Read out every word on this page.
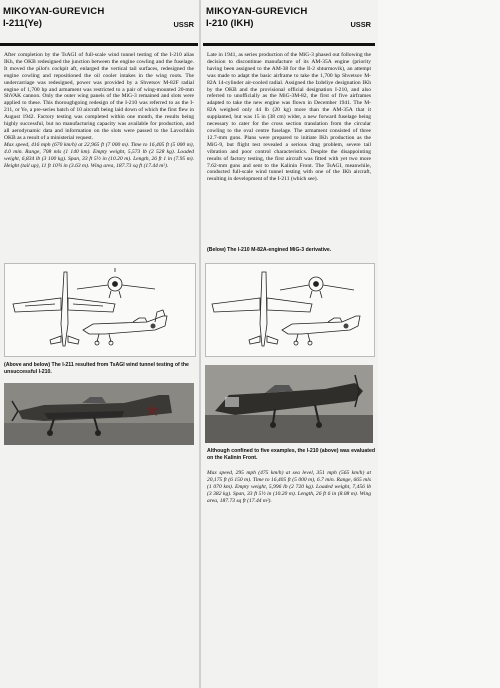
MIKOYAN-GUREVICH
I-211(Ye)	USSR

After completion by the TsAGI of full-scale wind tunnel testing of the I-210 alias IKh, the OKB redesigned the junction between the engine cowling and the fuselage. It moved the pilot's cockpit aft, enlarged the vertical tail surfaces, redesigned the engine cowling and repositioned the oil cooler intakes in the wing roots. The undercarriage was redesigned, power was provided by a Shvetsov M-82F radial engine of 1,700 hp and armament was restricted to a pair of wing-mounted 20-mm ShVAK cannon. Only the outer wing panels of the MiG-3 remained and slots were applied to these. This thoroughgoing redesign of the I-210 was referred to as the I-211, or Ye, a pre-series batch of 10 aircraft being laid down of which the first flew in August 1942. Factory testing was completed within one month, the results being highly successful, but no manufacturing capacity was available for production, and all aerodynamic data and information on the slots were passed to the Lavochkin OKB as a result of a ministerial request.

Max speed, 416 mph (670 km/h) at 22,965 ft (7 000 m). Time to 16,405 ft (5 000 m), 4.0 min. Range, 708 mls (1 140 km). Empty weight, 5,573 lb (2 528 kg). Loaded weight, 6,834 lb (3 100 kg). Span, 33 ft 5½ in (10.20 m). Length, 26 ft 1 in (7.95 m). Height (tail up), 11 ft 10¾ in (3.63 m). Wing area, 187.73 sq ft (17.44 m²).

(Above and below) The I-211 resulted from TsAGI wind tunnel testing of the unsuccessful I-210.
MIKOYAN-GUREVICH
I-210 (IKH)	USSR

Late in 1941, as series production of the MiG-3 phased out following the decision to discontinue manufacture of its AM-35A engine (priority having been assigned to the AM-38 for the Il-2 shturmovik), an attempt was made to adapt the basic airframe to take the 1,700 hp Shvetsov M-82A 14-cylinder air-cooled radial. Assigned the Izdeliye designation IKh by the OKB and the provisional official designation I-210, and also referred to unofficially as the MiG-3M-82, the first of five airframes adapted to take the new engine was flown in December 1941. The M-82A weighed only 44 lb (20 kg) more than the AM-35A that it supplanted, but was 15 in (38 cm) wider, a new forward fuselage being necessary to cater for the cross section translation from the circular cowling to the oval centre fuselage. The armament consisted of three 12.7-mm guns. Plans were prepared to initiate IKh production as the MiG-9, but flight test revealed a serious drag problem, severe tail vibration and poor control characteristics. Despite the disappointing results of factory testing, the first aircraft was fitted with yet two more 7.62-mm guns and sent to the Kalinin Front. The TsAGI, meanwhile, conducted full-scale wind tunnel testing with one of the IKh aircraft, resulting in development of the I-211 (which see).

(Below) The I-210 M-82A-engined MiG-3 derivative.
Although confined to five examples, the I-210 (above) was evaluated on the Kalinin Front.

Max speed, 295 mph (475 km/h) at sea level, 351 mph (565 km/h) at 20,175 ft (6 150 m). Time to 16,405 ft (5 000 m), 6.7 min. Range, 665 mls (1 070 km). Empty weight, 5,996 lb (2 720 kg). Loaded weight, 7,456 lb (3 382 kg). Span, 33 ft 5½ in (10.20 m). Length, 26 ft 6 in (8.08 m). Wing area, 187.73 sq ft (17.44 m²).
